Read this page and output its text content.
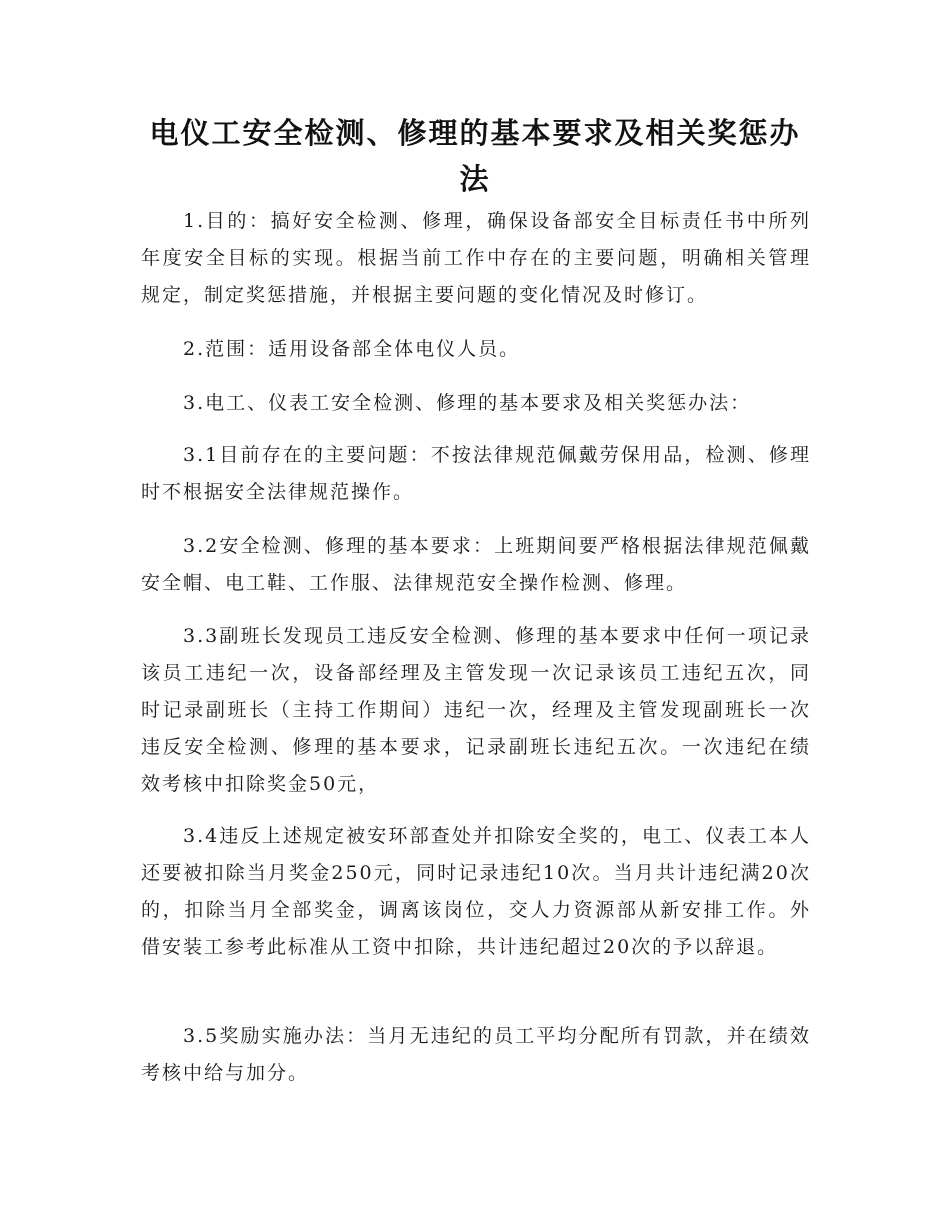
电仪工安全检测、修理的基本要求及相关奖惩办法

1.目的：搞好安全检测、修理，确保设备部安全目标责任书中所列年度安全目标的实现。根据当前工作中存在的主要问题，明确相关管理规定，制定奖惩措施，并根据主要问题的变化情况及时修订。

2.范围：适用设备部全体电仪人员。

3.电工、仪表工安全检测、修理的基本要求及相关奖惩办法：

3.1目前存在的主要问题：不按法律规范佩戴劳保用品，检测、修理时不根据安全法律规范操作。

3.2安全检测、修理的基本要求：上班期间要严格根据法律规范佩戴安全帽、电工鞋、工作服、法律规范安全操作检测、修理。

3.3副班长发现员工违反安全检测、修理的基本要求中任何一项记录该员工违纪一次，设备部经理及主管发现一次记录该员工违纪五次，同时记录副班长（主持工作期间）违纪一次，经理及主管发现副班长一次违反安全检测、修理的基本要求，记录副班长违纪五次。一次违纪在绩效考核中扣除奖金50元，

3.4违反上述规定被安环部查处并扣除安全奖的，电工、仪表工本人还要被扣除当月奖金250元，同时记录违纪10次。当月共计违纪满20次的，扣除当月全部奖金，调离该岗位，交人力资源部从新安排工作。外借安装工参考此标准从工资中扣除，共计违纪超过20次的予以辞退。

3.5奖励实施办法：当月无违纪的员工平均分配所有罚款，并在绩效考核中给与加分。
